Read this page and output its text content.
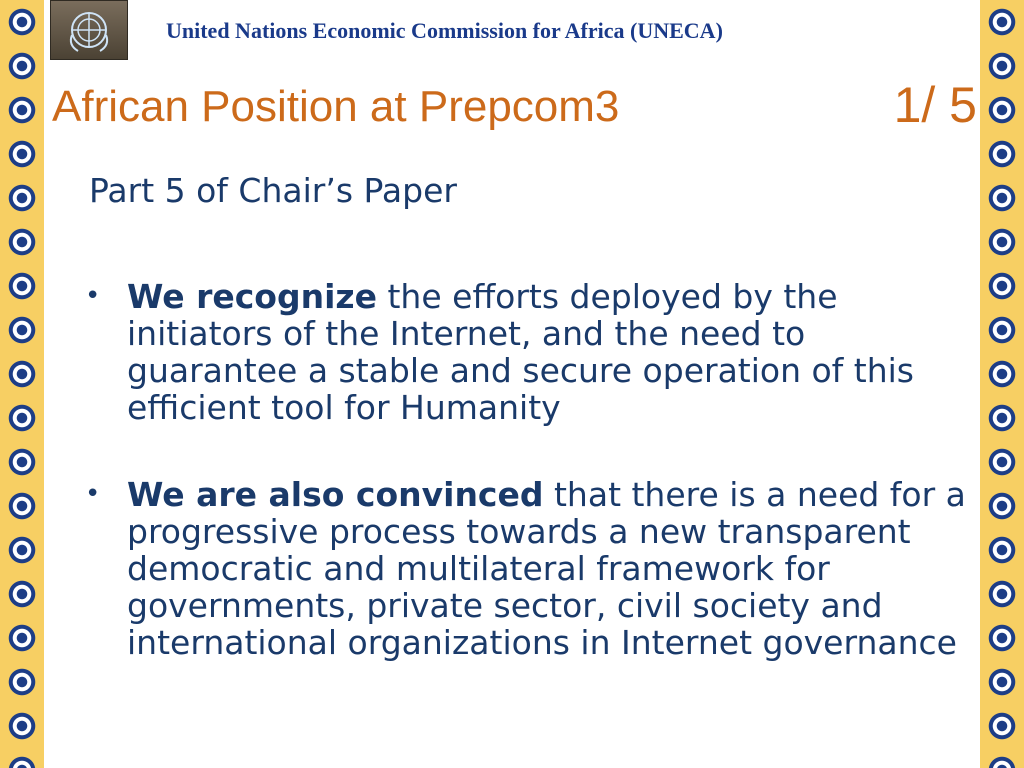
United Nations Economic Commission for Africa (UNECA)
African Position at Prepcom3	1/ 5
Part 5 of Chair’s Paper
• We recognize the efforts deployed by the initiators of the Internet, and the need to guarantee a stable and secure operation of this efficient tool for Humanity
• We are also convinced that there is a need for a progressive process towards a new transparent democratic and multilateral framework for governments, private sector, civil society and international organizations in Internet governance
